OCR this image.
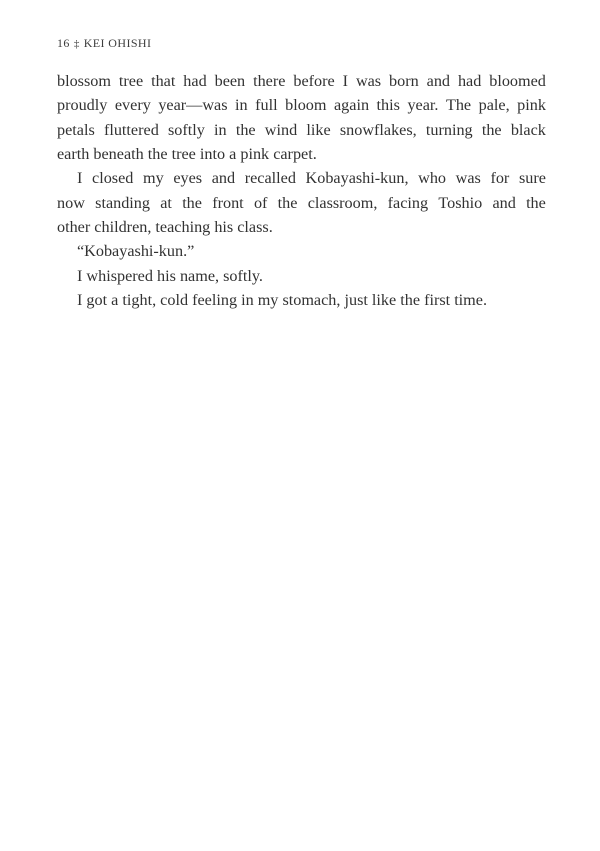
16 ‡ KEI OHISHI
blossom tree that had been there before I was born and had bloomed
proudly every year—was in full bloom again this year. The pale, pink
petals fluttered softly in the wind like snowflakes, turning the black
earth beneath the tree into a pink carpet.
I closed my eyes and recalled Kobayashi-kun, who was for sure
now standing at the front of the classroom, facing Toshio and the
other children, teaching his class.
“Kobayashi-kun.”
I whispered his name, softly.
I got a tight, cold feeling in my stomach, just like the first time.
